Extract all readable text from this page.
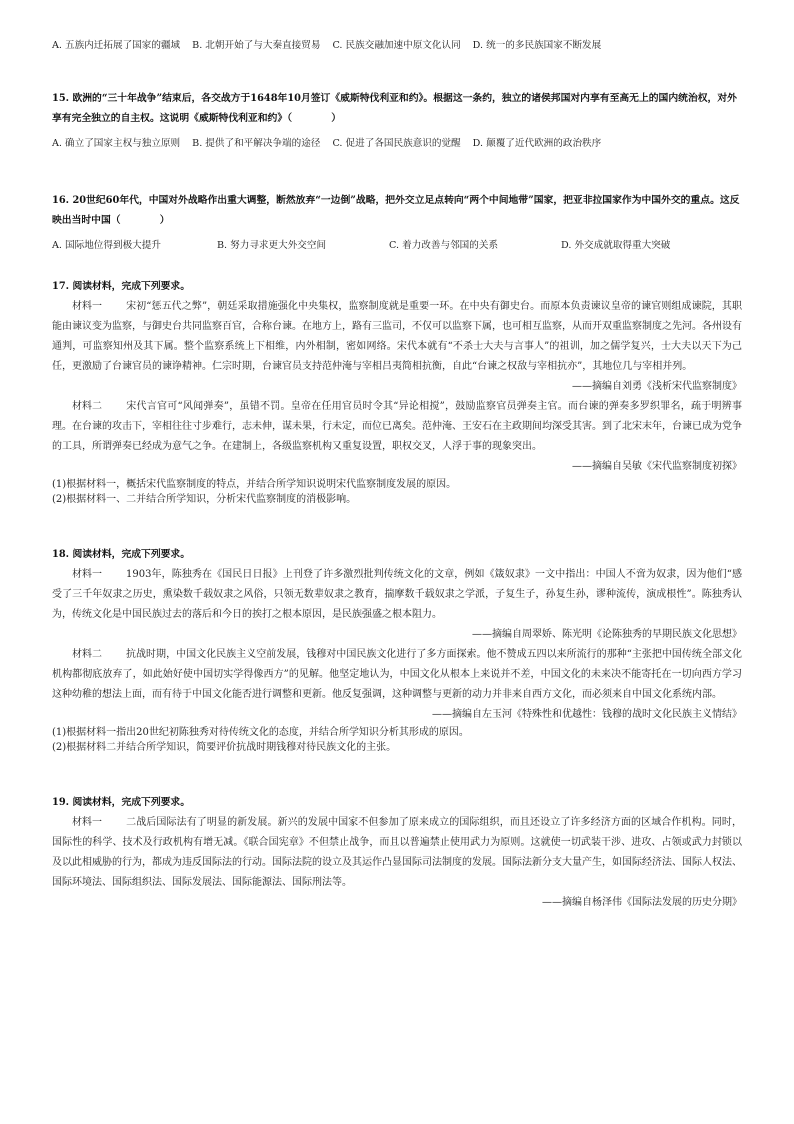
A. 五族内迁拓展了国家的疆域 B. 北朝开始了与大秦直接贸易 C. 民族交融加速中原文化认同 D. 统一的多民族国家不断发展
15. 欧洲的“三十年战争”结束后，各交战方于1648年10月签订《威斯特伐利亚和约》。根据这一条约，独立的诸侯邦国对内享有至高无上的国内统治权，对外享有完全独立的自主权。这说明《威斯特伐利亚和约》（　　　　）
A. 确立了国家主权与独立原则 B. 提供了和平解决争端的途径 C. 促进了各国民族意识的觉醒 D. 颠覆了近代欧洲的政治秩序
16. 20世纪60年代，中国对外战略作出重大调整，断然放弃“一边倒”战略，把外交立足点转向“两个中间地带”国家，把亚非拉国家作为中国外交的重点。这反映出当时中国（　　　　）
A. 国际地位得到极大提升	B. 努力寻求更大外交空间	C. 着力改善与邻国的关系	D. 外交成就取得重大突破
17. 阅读材料，完成下列要求。
材料一 宋初“惩五代之弊”，朝廷采取措施强化中央集权，监察制度就是重要一环。在中央有御史台。而原本负责谏议皇帝的谏官则组成谏院，其职能由谏议变为监察，与御史台共同监察百官，合称台谏。在地方上，路有三监司，不仅可以监察下属，也可相互监察，从而开双重监察制度之先河。各州设有通判，可监察知州及其下属。整个监察系统上下相维，内外相制，密如网络。宋代本就有“不杀士大夫与言事人”的祖训，加之儒学复兴，士大夫以天下为己任，更激励了台谏官员的谏诤精神。仁宗时期，台谏官员支持范仲淹与宰相吕夷简相抗衡，自此“台谏之权敌与宰相抗亦”，其地位几与宰相并列。
——摘编自刘勇《浅析宋代监察制度》
材料二 宋代言官可“风闻弹奏”，虽错不罚。皇帝在任用官员时令其“异论相搅”，鼓励监察官员弹奏主官。而台谏的弹奏多罗织罪名，疏于明辨事理。在台谏的攻击下，宰相往往寸步难行，志未伸，谋未果，行未定，而位已离矣。范仲淹、王安石在主政期间均深受其害。到了北宋末年，台谏已成为党争的工具，所谓弹奏已经成为意气之争。在建制上，各级监察机构又重复设置，职权交叉，人浮于事的现象突出。
——摘编自吴敏《宋代监察制度初探》
(1)根据材料一，概括宋代监察制度的特点，并结合所学知识说明宋代监察制度发展的原因。
(2)根据材料一、二并结合所学知识，分析宋代监察制度的消极影响。
18. 阅读材料，完成下列要求。
材料一 1903年，陈独秀在《国民日日报》上刊登了许多激烈批判传统文化的文章，例如《箴奴隶》一文中指出：中国人不啻为奴隶，因为他们“感受了三千年奴隶之历史，熏染数千载奴隶之风俗，只领无数辈奴隶之教育，揣摩数千载奴隶之学派，子复生子，孙复生孙，谬种流传，演成根性”。陈独秀认为，传统文化是中国民族过去的落后和今日的挨打之根本原因，是民族强盛之根本阻力。
——摘编自周翠娇、陈光明《论陈独秀的早期民族文化思想》
材料二 抗战时期，中国文化民族主义空前发展，钱穆对中国民族文化进行了多方面探索。他不赞成五四以来所流行的那种“主张把中国传统全部文化机构都彻底放弃了，如此始好使中国切实学得像西方”的见解。他坚定地认为，中国文化从根本上来说并不差，中国文化的未来决不能寄托在一切向西方学习这种幼稚的想法上面，而有待于中国文化能否进行调整和更新。他反复强调，这种调整与更新的动力并非来自西方文化，而必须来自中国文化系统内部。
——摘编自左玉河《特殊性和优越性：钱穆的战时文化民族主义情结》
(1)根据材料一指出20世纪初陈独秀对待传统文化的态度，并结合所学知识分析其形成的原因。
(2)根据材料二并结合所学知识，简要评价抗战时期钱穆对待民族文化的主张。
19. 阅读材料，完成下列要求。
材料一 二战后国际法有了明显的新发展。新兴的发展中国家不但参加了原来成立的国际组织，而且还设立了许多经济方面的区域合作机构。同时，国际性的科学、技术及行政机构有增无减。《联合国宪章》不但禁止战争，而且以普遍禁止使用武力为原则。这就使一切武装干涉、进攻、占领或武力封锁以及以此相威胁的行为，都成为违反国际法的行动。国际法院的设立及其运作凸显国际司法制度的发展。国际法新分支大量产生，如国际经济法、国际人权法、国际环境法、国际组织法、国际发展法、国际能源法、国际刑法等。
——摘编自杨泽伟《国际法发展的历史分期》
